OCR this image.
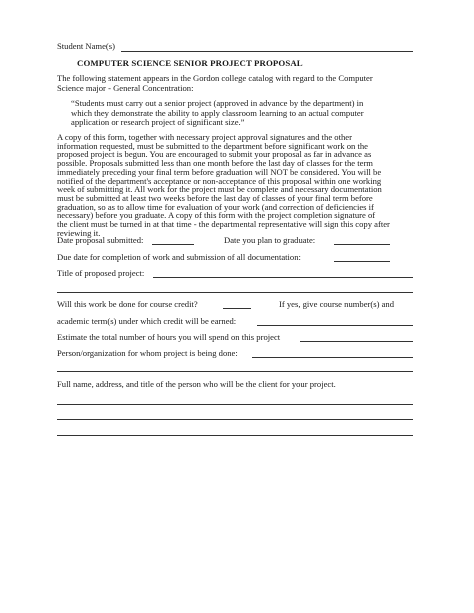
Student Name(s)
COMPUTER SCIENCE SENIOR PROJECT PROPOSAL

The following statement appears in the Gordon college catalog with regard to the Computer

Science major - General Concentration:

“Students must carry out a senior project (approved in advance by the department) in

which they demonstrate the ability to apply classroom learning to an actual computer

application or research project of significant size.”

A copy of this form, together with necessary project approval signatures and the other

information requested, must be submitted to the department before significant work on the

proposed project is begun. You are encouraged to submit your proposal as far in advance as

possible. Proposals submitted less than one month before the last day of classes for the term

immediately preceding your final term before graduation will NOT be considered. You will be

notified of the department's acceptance or non-acceptance of this proposal within one working

week of submitting it. All work for the project must be complete and necessary documentation

must be submitted at least two weeks before the last day of classes of your final term before

graduation, so as to allow time for evaluation of your work (and correction of deficiencies if

necessary) before you graduate. A copy of this form with the project completion signature of

the client must be turned in at that time - the departmental representative will sign this copy after

reviewing it.

Date proposal submitted:	Date you plan to graduate:
Due date for completion of work and submission of all documentation:
Title of proposed project:
Will this work be done for course credit?	If yes, give course number(s) and
academic term(s) under which credit will be earned:
Estimate the total number of hours you will spend on this project
Person/organization for whom project is being done:
Full name, address, and title of the person who will be the client for your project.
